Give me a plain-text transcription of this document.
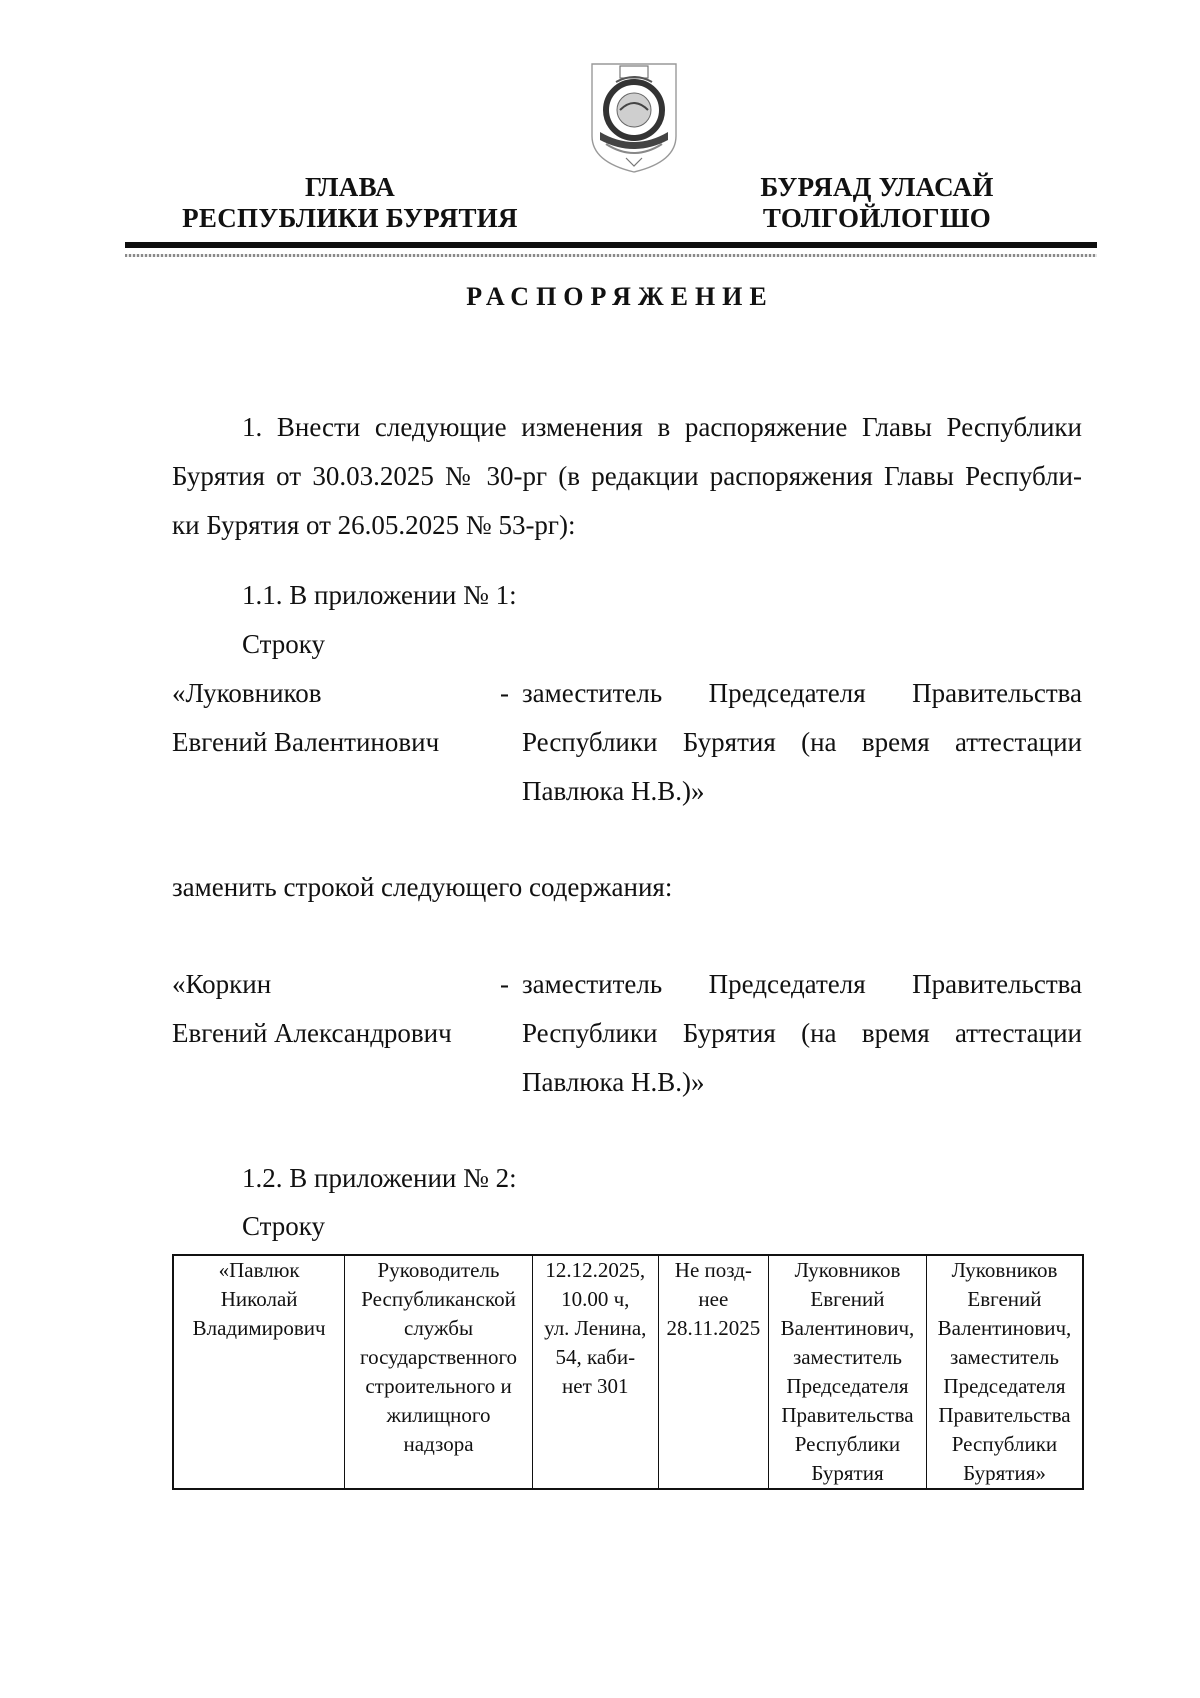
ГЛАВА
РЕСПУБЛИКИ БУРЯТИЯ
БУРЯАД УЛАСАЙ
ТОЛГОЙЛОГШО
РАСПОРЯЖЕНИЕ
1. Внести следующие изменения в распоряжение Главы Республики
Бурятия от 30.03.2025 № 30-рг (в редакции распоряжения Главы Республи-
ки Бурятия от 26.05.2025 № 53-рг):
1.1. В приложении № 1:
Строку
«Луковников
Евгений Валентинович
- заместитель Председателя Правительства
Республики Бурятия (на время аттестации
Павлюка Н.В.)»
заменить строкой следующего содержания:
«Коркин
Евгений Александрович
- заместитель Председателя Правительства
Республики Бурятия (на время аттестации
Павлюка Н.В.)»
1.2. В приложении № 2:
Строку
«Павлюк
Николай
Владимирович

Руководитель
Республиканской
службы
государственного
строительного и
жилищного
надзора

12.12.2025,
10.00 ч,
ул. Ленина,
54, каби-
нет 301

Не позд-
нее
28.11.2025

Луковников
Евгений
Валентинович,
заместитель
Председателя
Правительства
Республики
Бурятия

Луковников
Евгений
Валентинович,
заместитель
Председателя
Правительства
Республики
Бурятия»
